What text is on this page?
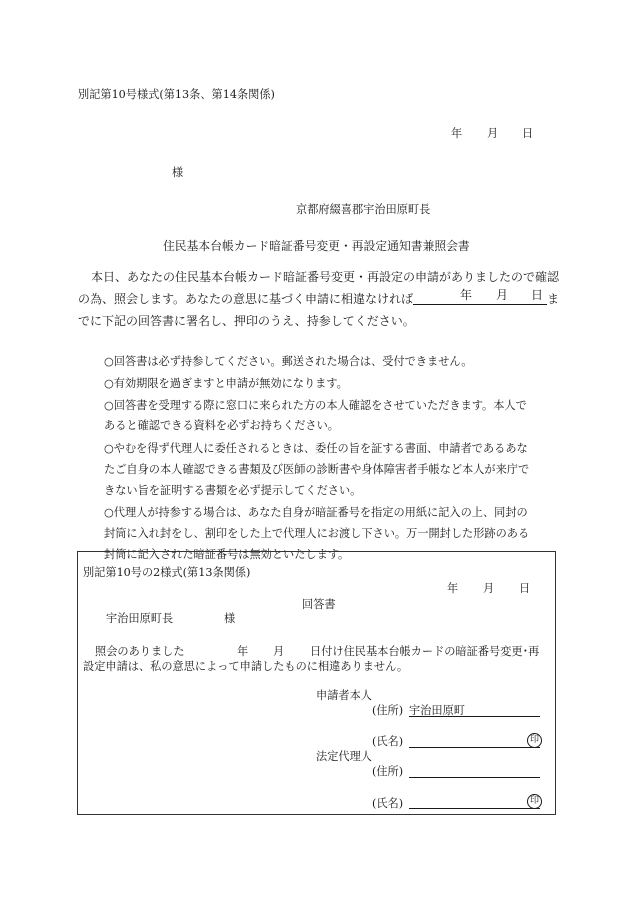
別記第10号様式(第13条、第14条関係)
年 月 日
様
京都府綴喜郡宇治田原町長
住民基本台帳カード暗証番号変更・再設定通知書兼照会書
本日、あなたの住民基本台帳カード暗証番号変更・再設定の申請がありましたので確認
の為、照会します。あなたの意思に基づく申請に相違なければ	年 月 日 ま
でに下記の回答書に署名し、押印のうえ、持参してください。
○回答書は必ず持参してください。郵送された場合は、受付できません。
○有効期限を過ぎますと申請が無効になります。
○回答書を受理する際に窓口に来られた方の本人確認をさせていただきます。本人で
あると確認できる資料を必ずお持ちください。
○やむを得ず代理人に委任されるときは、委任の旨を証する書面、申請者であるあな
たご自身の本人確認できる書類及び医師の診断書や身体障害者手帳など本人が来庁で
きない旨を証明する書類を必ず提示してください。
○代理人が持参する場合は、あなた自身が暗証番号を指定の用紙に記入の上、同封の
封筒に入れ封をし、割印をした上で代理人にお渡し下さい。万一開封した形跡のある
封筒に記入された暗証番号は無効といたします。
別記第10号の2様式(第13条関係)
年 月 日
回答書
宇治田原町長	様
照会のありました	年 月 日付け住民基本台帳カードの暗証番号変更･再
設定申請は、私の意思によって申請したものに相違ありません。
申請者本人
(住所) 宇治田原町
(氏名)	印
法定代理人
(住所)
(氏名)	印
